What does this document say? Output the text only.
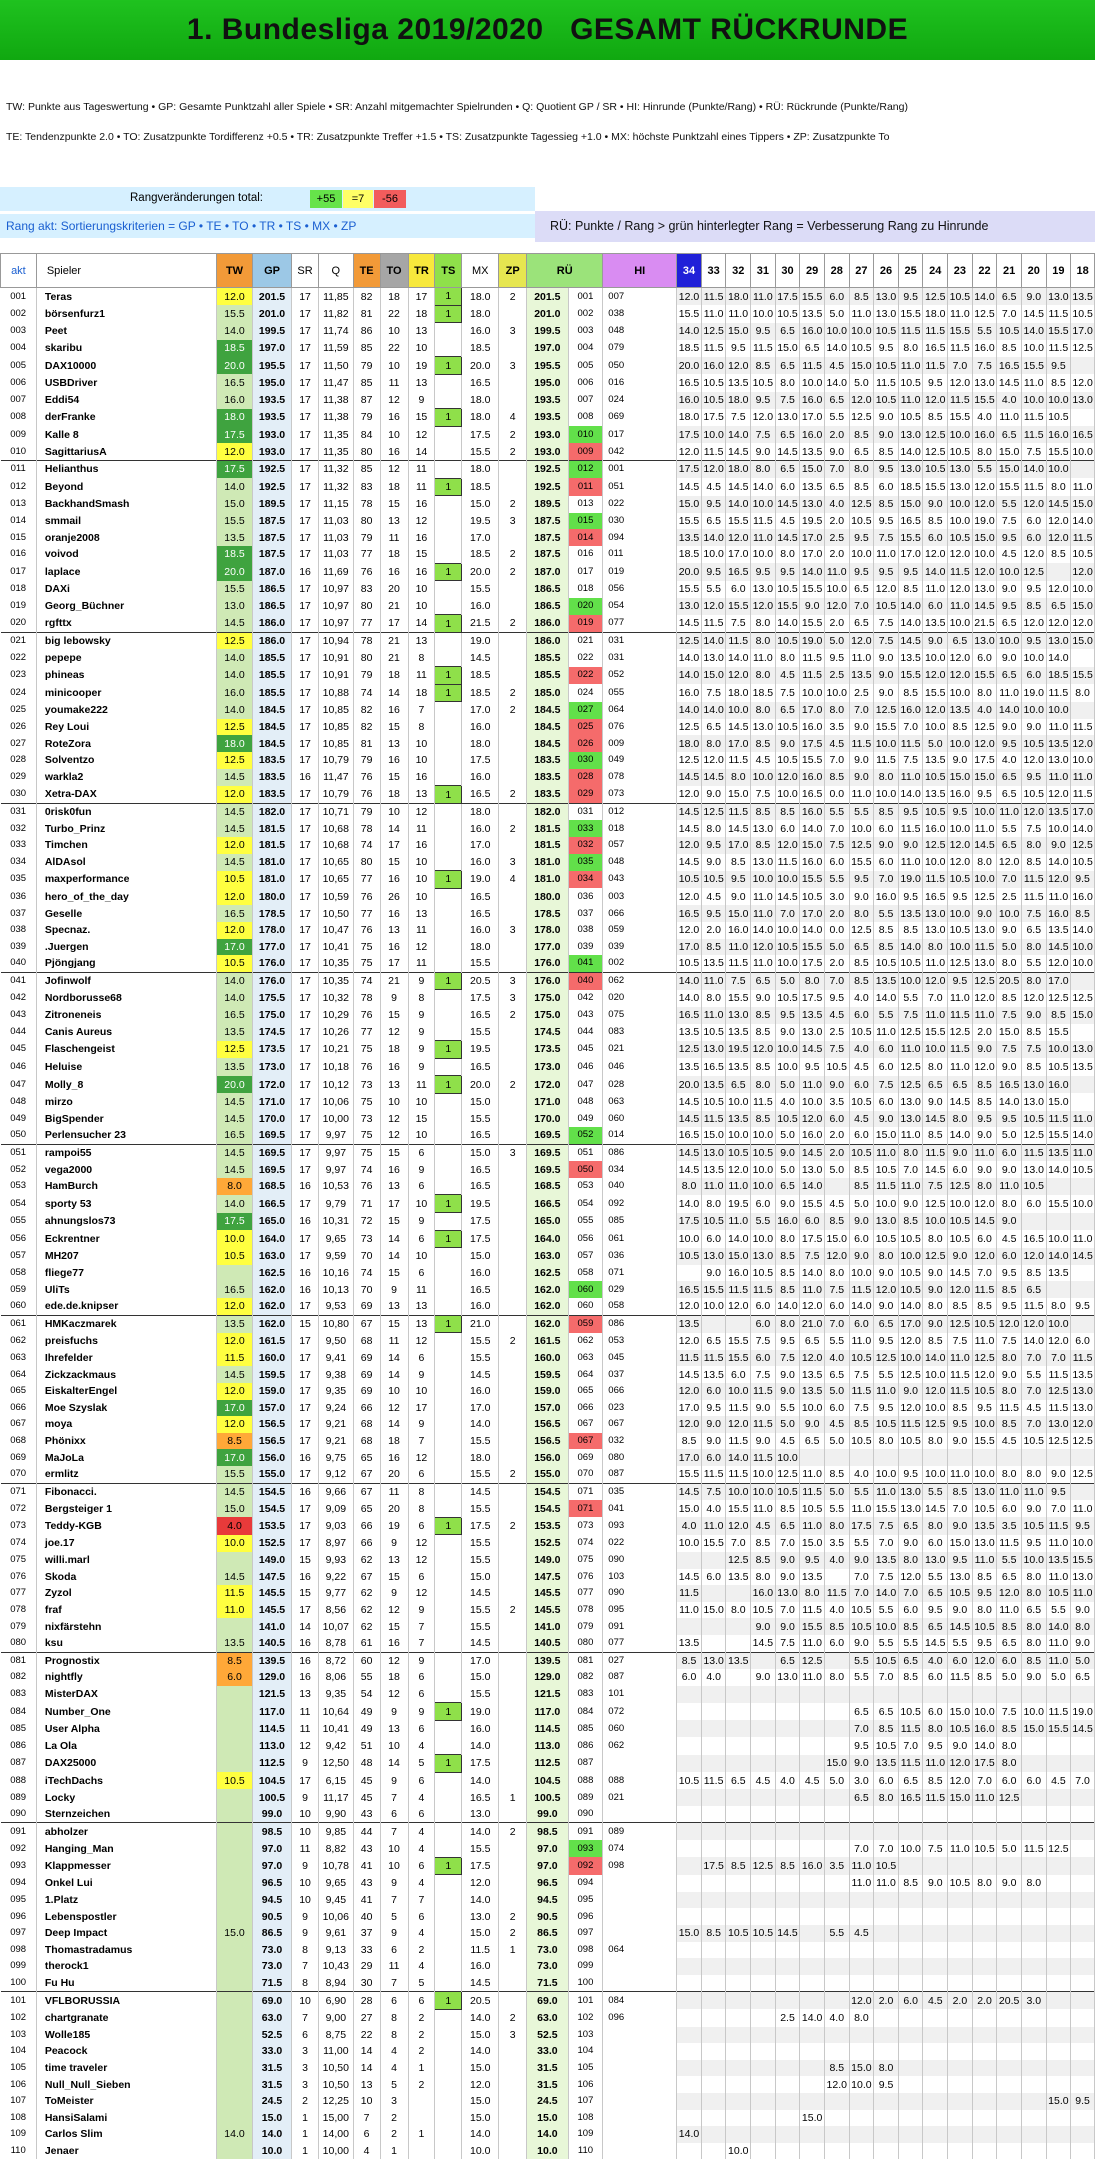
1. Bundesliga 2019/2020   GESAMT RÜCKRUNDE
TW: Punkte aus Tageswertung • GP: Gesamte Punktzahl aller Spiele • SR: Anzahl mitgemachter Spielrunden • Q: Quotient GP / SR • HI: Hinrunde (Punkte/Rang) • RÜ: Rückrunde (Punkte/Rang)
TE: Tendenzpunkte 2.0 • TO: Zusatzpunkte Tordifferenz +0.5 • TR: Zusatzpunkte Treffer +1.5 • TS: Zusatzpunkte Tagessieg +1.0 • MX: höchste Punktzahl eines Tippers • ZP: Zusatzpunkte To
Rangveränderungen total:	+55	=7	-56
Rang akt: Sortierungskriterien = GP • TE • TO • TR • TS • MX • ZP	RÜ: Punkte / Rang > grün hinterlegter Rang = Verbesserung Rang zu Hinrunde
akt	Spieler	TW	GP	SR	Q	TE	TO	TR	TS	MX	ZP	RÜ		HI	34	33	32	31	30	29	28	27	26	25	24	23	22	21	20	19	18
001	Teras	12.0	201.5	17	11,85	82	18	17	1	18.0	2	201.5	001	007	12.0	11.5	18.0	11.0	17.5	15.5	6.0	8.5	13.0	9.5	12.5	10.5	14.0	6.5	9.0	13.0	13.5
002	börsenfurz1	15.5	201.0	17	11,82	81	22	18	1	18.0		201.0	002	038	15.5	11.0	11.0	10.0	10.5	13.5	5.0	11.0	13.0	15.5	18.0	11.0	12.5	7.0	14.5	11.5	10.5
003	Peet	14.0	199.5	17	11,74	86	10	13		16.0	3	199.5	003	048	14.0	12.5	15.0	9.5	6.5	16.0	10.0	10.0	10.5	11.5	11.5	15.5	5.5	10.5	14.0	15.5	17.0
004	skaribu	18.5	197.0	17	11,59	85	22	10		18.5		197.0	004	079	18.5	11.5	9.5	11.5	15.0	6.5	14.0	10.5	9.5	8.0	16.5	11.5	16.0	8.5	10.0	11.5	12.5
005	DAX10000	20.0	195.5	17	11,50	79	10	19	1	20.0	3	195.5	005	050	20.0	16.0	12.0	8.5	6.5	11.5	4.5	15.0	10.5	11.0	11.5	7.0	7.5	16.5	15.5	9.5	
006	USBDriver	16.5	195.0	17	11,47	85	11	13		16.5		195.0	006	016	16.5	10.5	13.5	10.5	8.0	10.0	14.0	5.0	11.5	10.5	9.5	12.0	13.0	14.5	11.0	8.5	12.0
007	Eddi54	16.0	193.5	17	11,38	87	12	9		18.0		193.5	007	024	16.0	10.5	18.0	9.5	7.5	16.0	6.5	12.0	10.5	11.0	12.0	11.5	15.5	4.0	10.0	10.0	13.0
008	derFranke	18.0	193.5	17	11,38	79	16	15	1	18.0	4	193.5	008	069	18.0	17.5	7.5	12.0	13.0	17.0	5.5	12.5	9.0	10.5	8.5	15.5	4.0	11.0	11.5	10.5	
009	Kalle 8	17.5	193.0	17	11,35	84	10	12		17.5	2	193.0	010	017	17.5	10.0	14.0	7.5	6.5	16.0	2.0	8.5	9.0	13.0	12.5	10.0	16.0	6.5	11.5	16.0	16.5
010	SagittariusA	12.0	193.0	17	11,35	80	16	14		15.5	2	193.0	009	042	12.0	11.5	14.5	9.0	14.5	13.5	9.0	6.5	8.5	14.0	12.5	10.5	8.0	15.0	7.5	15.5	10.0
011	Helianthus	17.5	192.5	17	11,32	85	12	11		18.0		192.5	012	001	17.5	12.0	18.0	8.0	6.5	15.0	7.0	8.0	9.5	13.0	10.5	13.0	5.5	15.0	14.0	10.0	
012	Beyond	14.0	192.5	17	11,32	83	18	11	1	18.5		192.5	011	051	14.5	4.5	14.5	14.0	6.0	13.5	6.5	8.5	6.0	18.5	15.5	13.0	12.0	15.5	11.5	8.0	11.0
013	BackhandSmash	15.0	189.5	17	11,15	78	15	16		15.0	2	189.5	013	022	15.0	9.5	14.0	10.0	14.5	13.0	4.0	12.5	8.5	15.0	9.0	10.0	12.0	5.5	12.0	14.5	15.0
014	smmail	15.5	187.5	17	11,03	80	13	12		19.5	3	187.5	015	030	15.5	6.5	15.5	11.5	4.5	19.5	2.0	10.5	9.5	16.5	8.5	10.0	19.0	7.5	6.0	12.0	14.0
015	oranje2008	13.5	187.5	17	11,03	79	11	16		17.0		187.5	014	094	13.5	14.0	12.0	11.0	14.5	17.0	2.5	9.5	7.5	15.5	6.0	10.5	15.0	9.5	6.0	12.0	11.5
016	voivod	18.5	187.5	17	11,03	77	18	15		18.5	2	187.5	016	011	18.5	10.0	17.0	10.0	8.0	17.0	2.0	10.0	11.0	17.0	12.0	12.0	10.0	4.5	12.0	8.5	10.5
017	laplace	20.0	187.0	16	11,69	76	16	16	1	20.0	2	187.0	017	019	20.0	9.5	16.5	9.5	9.5	14.0	11.0	9.5	9.5	9.5	14.0	11.5	12.0	10.0	12.5		12.0
018	DAXi	15.5	186.5	17	10,97	83	20	10		15.5		186.5	018	056	15.5	5.5	6.0	13.0	10.5	15.5	10.0	6.5	12.0	8.5	11.0	12.0	13.0	9.0	9.5	12.0	10.0
019	Georg_Büchner	13.0	186.5	17	10,97	80	21	10		16.0		186.5	020	054	13.0	12.0	15.5	12.0	15.5	9.0	12.0	7.0	10.5	14.0	6.0	11.0	14.5	9.5	8.5	6.5	15.0
020	rgfttx	14.5	186.0	17	10,97	77	17	14	1	21.5	2	186.0	019	077	14.5	11.5	7.5	8.0	14.0	15.5	2.0	6.5	7.5	14.0	13.5	10.0	21.5	6.5	12.0	12.0	12.0
021	big lebowsky	12.5	186.0	17	10,94	78	21	13		19.0		186.0	021	031	12.5	14.0	11.5	8.0	10.5	19.0	5.0	12.0	7.5	14.5	9.0	6.5	13.0	10.0	9.5	13.0	15.0
022	pepepe	14.0	185.5	17	10,91	80	21	8		14.5		185.5	022	031	14.0	13.0	14.0	11.0	8.0	11.5	9.5	11.0	9.0	13.5	10.0	12.0	6.0	9.0	10.0	14.0	
023	phineas	14.0	185.5	17	10,91	79	18	11	1	18.5		185.5	022	052	14.0	15.0	12.0	8.0	4.5	11.5	2.5	13.5	9.0	15.5	12.0	12.0	15.5	6.5	6.0	18.5	15.5
024	minicooper	16.0	185.5	17	10,88	74	14	18	1	18.5	2	185.0	024	055	16.0	7.5	18.0	18.5	7.5	10.0	10.0	2.5	9.0	8.5	15.5	10.0	8.0	11.0	19.0	11.5	8.0
025	youmake222	14.0	184.5	17	10,85	82	16	7		17.0	2	184.5	027	064	14.0	14.0	10.0	8.0	6.5	17.0	8.0	7.0	12.5	16.0	12.0	13.5	4.0	14.0	10.0	10.0	
026	Rey Loui	12.5	184.5	17	10,85	82	15	8		16.0		184.5	025	076	12.5	6.5	14.5	13.0	10.5	16.0	3.5	9.0	15.5	7.0	10.0	8.5	12.5	9.0	9.0	11.0	11.5
027	RoteZora	18.0	184.5	17	10,85	81	13	10		18.0		184.5	026	009	18.0	8.0	17.0	8.5	9.0	17.5	4.5	11.5	10.0	11.5	5.0	10.0	12.0	9.5	10.5	13.5	12.0
028	Solventzo	12.5	183.5	17	10,79	79	16	10		17.5		183.5	030	049	12.5	12.0	11.5	4.5	10.5	15.5	7.0	9.0	11.5	7.5	13.5	9.0	17.5	4.0	12.0	13.0	10.0
029	warkla2	14.5	183.5	16	11,47	76	15	16		16.0		183.5	028	078	14.5	14.5	8.0	10.0	12.0	16.0	8.5	9.0	8.0	11.0	10.5	15.0	15.0	6.5	9.5	11.0	11.0
030	Xetra-DAX	12.0	183.5	17	10,79	76	18	13	1	16.5	2	183.5	029	073	12.0	9.0	15.0	7.5	10.0	16.5	0.0	11.0	10.0	14.0	13.5	16.0	9.5	6.5	10.5	12.0	11.5
031	0risk0fun	14.5	182.0	17	10,71	79	10	12		18.0		182.0	031	012	14.5	12.5	11.5	8.5	8.5	16.0	5.5	5.5	8.5	9.5	10.5	9.5	10.0	11.0	12.0	13.5	17.0
032	Turbo_Prinz	14.5	181.5	17	10,68	78	14	11		16.0	2	181.5	033	018	14.5	8.0	14.5	13.0	6.0	14.0	7.0	10.0	6.0	11.5	16.0	10.0	11.0	5.5	7.5	10.0	14.0
033	Timchen	12.0	181.5	17	10,68	74	17	16		17.0		181.5	032	057	12.0	9.5	17.0	8.5	12.0	15.0	7.5	12.5	9.0	9.0	12.5	12.0	14.5	6.5	8.0	9.0	12.5
034	AlDAsol	14.5	181.0	17	10,65	80	15	10		16.0	3	181.0	035	048	14.5	9.0	8.5	13.0	11.5	16.0	6.0	15.5	6.0	11.0	10.0	12.0	8.0	12.0	8.5	14.0	10.5
035	maxperformance	10.5	181.0	17	10,65	77	16	10	1	19.0	4	181.0	034	043	10.5	10.5	9.5	10.0	10.0	15.5	5.5	9.5	7.0	19.0	11.5	10.5	10.0	7.0	11.5	12.0	9.5
036	hero_of_the_day	12.0	180.0	17	10,59	76	26	10		16.5		180.0	036	003	12.0	4.5	9.0	11.0	14.5	10.5	3.0	9.0	16.0	9.5	16.5	9.5	12.5	2.5	11.5	11.0	16.0
037	Geselle	16.5	178.5	17	10,50	77	16	13		16.5		178.5	037	066	16.5	9.5	15.0	11.0	7.0	17.0	2.0	8.0	5.5	13.5	13.0	10.0	9.0	10.0	7.5	16.0	8.5
038	Specnaz.	12.0	178.0	17	10,47	76	13	11		16.0	3	178.0	038	059	12.0	2.0	16.0	14.0	10.0	14.0	0.0	12.5	8.5	8.5	13.0	10.5	13.0	9.0	6.5	13.5	14.0
039	.Juergen	17.0	177.0	17	10,41	75	16	12		18.0		177.0	039	039	17.0	8.5	11.0	12.0	10.5	15.5	5.0	6.5	8.5	14.0	8.0	10.0	11.5	5.0	8.0	14.5	10.0
040	Pjöngjang	10.5	176.0	17	10,35	75	17	11		15.5		176.0	041	002	10.5	13.5	11.5	11.0	10.0	17.5	2.0	8.5	10.5	10.5	11.0	12.5	13.0	8.0	5.5	12.0	10.0
041	Jofinwolf	14.0	176.0	17	10,35	74	21	9	1	20.5	3	176.0	040	062	14.0	11.0	7.5	6.5	5.0	8.0	7.0	8.5	13.5	10.0	12.0	9.5	12.5	20.5	8.0	17.0	
042	Nordborusse68	14.0	175.5	17	10,32	78	9	8		17.5	3	175.0	042	020	14.0	8.0	15.5	9.0	10.5	17.5	9.5	4.0	14.0	5.5	7.0	11.0	12.0	8.5	12.0	12.5	12.5
043	Zitroneneis	16.5	175.0	17	10,29	76	15	9		16.5	2	175.0	043	075	16.5	11.0	13.0	8.5	9.5	13.5	4.5	6.0	5.5	7.5	11.0	11.5	11.0	7.5	9.0	8.5	15.0
044	Canis Aureus	13.5	174.5	17	10,26	77	12	9		15.5		174.5	044	083	13.5	10.5	13.5	8.5	9.0	13.0	2.5	10.5	11.0	12.5	15.5	12.5	2.0	15.0	8.5	15.5	
045	Flaschengeist	12.5	173.5	17	10,21	75	18	9	1	19.5		173.5	045	021	12.5	13.0	19.5	12.0	10.0	14.5	7.5	4.0	6.0	11.0	10.0	11.5	9.0	7.5	7.5	10.0	13.0
046	Heluise	13.5	173.0	17	10,18	76	16	9		16.5		173.0	046	046	13.5	16.5	13.5	8.5	10.0	9.5	10.5	4.5	6.0	12.5	8.0	11.0	12.0	9.0	8.5	10.5	13.5
047	Molly_8	20.0	172.0	17	10,12	73	13	11	1	20.0	2	172.0	047	028	20.0	13.5	6.5	8.0	5.0	11.0	9.0	6.0	7.5	12.5	6.5	6.5	8.5	16.5	13.0	16.0	
048	mirzo	14.5	171.0	17	10,06	75	10	10		15.0		171.0	048	063	14.5	10.5	10.0	11.5	4.0	10.0	3.5	10.5	6.0	13.0	9.0	14.5	8.5	14.0	13.0	15.0	
049	BigSpender	14.5	170.0	17	10,00	73	12	15		15.5		170.0	049	060	14.5	11.5	13.5	8.5	10.5	12.0	6.0	4.5	9.0	13.0	14.5	8.0	9.5	9.5	10.5	11.5	11.0
050	Perlensucher 23	16.5	169.5	17	9,97	75	12	10		16.5		169.5	052	014	16.5	15.0	10.0	10.0	5.0	16.0	2.0	6.0	15.0	11.0	8.5	14.0	9.0	5.0	12.5	15.5	14.0
051	rampoi55	14.5	169.5	17	9,97	75	15	6		15.0	3	169.5	051	086	14.5	13.0	10.5	10.5	9.0	14.5	2.0	10.5	11.0	8.0	11.5	9.0	11.0	6.0	11.5	13.5	11.0
052	vega2000	14.5	169.5	17	9,97	74	16	9		16.5		169.5	050	034	14.5	13.5	12.0	10.0	5.0	13.0	5.0	8.5	10.5	7.0	14.5	6.0	9.0	9.0	13.0	14.0	10.5
053	HamBurch	8.0	168.5	16	10,53	76	13	6		16.5		168.5	053	040	8.0	11.0	11.0	10.0	6.5	14.0		8.5	11.5	11.0	7.5	12.5	8.0	11.0	10.5		
054	sporty 53	14.0	166.5	17	9,79	71	17	10	1	19.5		166.5	054	092	14.0	8.0	19.5	6.0	9.0	15.5	4.5	5.0	10.0	9.0	12.5	10.0	12.0	8.0	6.0	15.5	10.0
055	ahnungslos73	17.5	165.0	16	10,31	72	15	9		17.5		165.0	055	085	17.5	10.5	11.0	5.5	16.0	6.0	8.5	9.0	13.0	8.5	10.0	10.5	14.5	9.0			
056	Eckrentner	10.0	164.0	17	9,65	73	14	6	1	17.5		164.0	056	061	10.0	6.0	14.0	10.0	8.0	17.5	15.0	6.0	10.5	10.5	8.0	10.5	6.0	4.5	16.5	10.0	11.0
057	MH207	10.5	163.0	17	9,59	70	14	10		15.0		163.0	057	036	10.5	13.0	15.0	13.0	8.5	7.5	12.0	9.0	8.0	10.0	12.5	9.0	12.0	6.0	12.0	14.0	14.5
058	fliege77		162.5	16	10,16	74	15	6		16.0		162.5	058	071		9.0	16.0	10.5	8.5	14.0	8.0	10.0	9.0	10.5	9.0	14.5	7.0	9.5	8.5	13.5	
059	UliTs	16.5	162.0	16	10,13	70	9	11		16.5		162.0	060	029	16.5	15.5	11.5	11.5	8.5	11.0	7.5	11.5	12.0	10.5	9.0	12.0	11.5	8.5	6.5		
060	ede.de.knipser	12.0	162.0	17	9,53	69	13	13		16.0		162.0	060	058	12.0	10.0	12.0	6.0	14.0	12.0	6.0	14.0	9.0	14.0	8.0	8.5	8.5	9.5	11.5	8.0	9.5
061	HMKaczmarek	13.5	162.0	15	10,80	67	15	13	1	21.0		162.0	059	086	13.5			6.0	8.0	21.0	7.0	6.0	6.5	17.0	9.0	12.5	10.5	12.0	12.0	10.0	
062	preisfuchs	12.0	161.5	17	9,50	68	11	12		15.5	2	161.5	062	053	12.0	6.5	15.5	7.5	9.5	6.5	5.5	11.0	9.5	12.0	8.5	7.5	11.0	7.5	14.0	12.0	6.0
063	Ihrefelder	11.5	160.0	17	9,41	69	14	6		15.5		160.0	063	045	11.5	11.5	15.5	6.0	7.5	12.0	4.0	10.5	12.5	10.0	14.0	11.0	12.5	8.0	7.0	7.0	11.5
064	Zickzackmaus	14.5	159.5	17	9,38	69	14	9		14.5		159.5	064	037	14.5	13.5	6.0	7.5	9.0	13.5	6.5	7.5	5.5	12.5	10.0	11.5	12.0	9.0	5.5	11.5	13.5
065	EiskalterEngel	12.0	159.0	17	9,35	69	10	10		16.0		159.0	065	066	12.0	6.0	10.0	11.5	9.0	13.5	5.0	11.5	11.0	9.0	12.0	11.5	10.5	8.0	7.0	12.5	13.0
066	Moe Szyslak	17.0	157.0	17	9,24	66	12	17		17.0		157.0	066	023	17.0	9.5	11.5	9.0	5.5	10.0	6.0	7.5	9.5	12.0	10.0	8.5	9.5	11.5	4.5	11.5	13.0
067	moya	12.0	156.5	17	9,21	68	14	9		14.0		156.5	067	067	12.0	9.0	12.0	11.5	5.0	9.0	4.5	8.5	10.5	11.5	12.5	9.5	10.0	8.5	7.0	13.0	12.0
068	Phönixx	8.5	156.5	17	9,21	68	18	7		15.5		156.5	067	032	8.5	9.0	11.5	9.0	4.5	6.5	5.0	10.5	8.0	10.5	8.0	9.0	15.5	4.5	10.5	12.5	12.5
069	MaJoLa	17.0	156.0	16	9,75	65	16	12		18.0		156.0	069	080	17.0	6.0	14.0	11.5	10.0												
070	ermlitz	15.5	155.0	17	9,12	67	20	6		15.5	2	155.0	070	087	15.5	11.5	11.5	10.0	12.5	11.0	8.5	4.0	10.0	9.5	10.0	11.0	10.0	8.0	8.0	9.0	12.5
071	Fibonacci.	14.5	154.5	16	9,66	67	11	8		14.5		154.5	071	035	14.5	7.5	10.0	10.0	10.5	11.5	5.0	5.5	11.0	13.0	5.5	8.5	13.0	11.0	11.0	9.5	
072	Bergsteiger 1	15.0	154.5	17	9,09	65	20	8		15.5		154.5	071	041	15.0	4.0	15.5	11.0	8.5	10.5	5.5	11.0	15.5	13.0	14.5	7.0	10.5	6.0	9.0	7.0	11.0
073	Teddy-KGB	4.0	153.5	17	9,03	66	19	6	1	17.5	2	153.5	073	093	4.0	11.0	12.0	4.5	6.5	11.0	8.0	17.5	7.5	6.5	8.0	9.0	13.5	3.5	10.5	11.5	9.5
074	joe.17	10.0	152.5	17	8,97	66	9	12		15.5		152.5	074	022	10.0	15.5	7.0	8.5	7.0	15.0	3.5	5.5	7.0	9.0	6.0	15.0	13.0	11.5	9.5	11.0	10.0
075	willi.marl		149.0	15	9,93	62	13	12		15.5		149.0	075	090			12.5	8.5	9.0	9.5	4.0	9.0	13.5	8.0	13.0	9.5	11.0	5.5	10.0	13.5	15.5
076	Skoda	14.5	147.5	16	9,22	67	15	6		15.0		147.5	076	103	14.5	6.0	13.5	8.0	9.0	13.5		7.0	7.5	12.0	5.5	13.0	8.5	6.5	8.0	11.0	13.0
077	Zyzol	11.5	145.5	15	9,77	62	9	12		14.5		145.5	077	090	11.5			16.0	13.0	8.0	11.5	7.0	14.0	7.0	6.5	10.5	9.5	12.0	8.0	10.5	11.0
078	fraf	11.0	145.5	17	8,56	62	12	9		15.5	2	145.5	078	095	11.0	15.0	8.0	10.5	7.0	11.5	4.0	10.5	5.5	6.0	9.5	9.0	8.0	11.0	6.5	5.5	9.0
079	nixfärstehn		141.0	14	10,07	62	15	7		15.5		141.0	079	091				9.0	9.0	15.5	8.5	10.5	10.0	8.5	6.5	14.5	10.5	8.5	8.0	14.0	8.0
080	ksu	13.5	140.5	16	8,78	61	16	7		14.5		140.5	080	077	13.5			14.5	7.5	11.0	6.0	9.0	5.5	5.5	14.5	5.5	9.5	6.5	8.0	11.0	9.0
081	Prognostix	8.5	139.5	16	8,72	60	12	9		17.0		139.5	081	027	8.5	13.0	13.5		6.5	12.5		5.5	10.5	6.5	4.0	6.0	12.0	6.0	8.5	11.0	5.0
082	nightfly	6.0	129.0	16	8,06	55	18	6		15.0		129.0	082	087	6.0	4.0		9.0	13.0	11.0	8.0	5.5	7.0	8.5	6.0	11.5	8.5	5.0	9.0	5.0	6.5
083	MisterDAX		121.5	13	9,35	54	12	6		15.5		121.5	083	101																	
084	Number_One		117.0	11	10,64	49	9	9	1	19.0		117.0	084	072								6.5	6.5	10.5	6.0	15.0	10.0	7.5	10.0	11.5	19.0
085	User Alpha		114.5	11	10,41	49	13	6		16.0		114.5	085	060								7.0	8.5	11.5	8.0	10.5	16.0	8.5	15.0	15.5	14.5
086	La Ola		113.0	12	9,42	51	10	4		14.0		113.0	086	062								9.5	10.5	7.0	9.5	9.0	14.0	8.0			
087	DAX25000		112.5	9	12,50	48	14	5	1	17.5		112.5	087								15.0	9.0	13.5	11.5	11.0	12.0	17.5	8.0			
088	iTechDachs	10.5	104.5	17	6,15	45	9	6		14.0		104.5	088	088	10.5	11.5	6.5	4.5	4.0	4.5	5.0	3.0	6.0	6.5	8.5	12.0	7.0	6.0	6.0	4.5	7.0
089	Locky		100.5	9	11,17	45	7	4		16.5	1	100.5	089	021								6.5	8.0	16.5	11.5	15.0	11.0	12.5			
090	Sternzeichen		99.0	10	9,90	43	6	6		13.0		99.0	090																		
091	abholzer		98.5	10	9,85	44	7	4		14.0	2	98.5	091	089																	
092	Hanging_Man		97.0	11	8,82	43	10	4		15.5		97.0	093	074								7.0	7.0	10.0	7.5	11.0	10.5	5.0	11.5	12.5	
093	Klappmesser		97.0	9	10,78	41	10	6	1	17.5		97.0	092	098		17.5	8.5	12.5	8.5	16.0	3.5	11.0	10.5								
094	Onkel Lui		96.5	10	9,65	43	9	4		12.0		96.5	094									11.0	11.0	8.5	9.0	10.5	8.0	9.0	8.0		
095	1.Platz		94.5	10	9,45	41	7	7		14.0		94.5	095																		
096	Lebenspostler		90.5	9	10,06	40	5	6		13.0	2	90.5	096																		
097	Deep Impact	15.0	86.5	9	9,61	37	9	4		15.0	2	86.5	097		15.0	8.5	10.5	10.5	14.5		5.5	4.5									
098	Thomastradamus		73.0	8	9,13	33	6	2		11.5	1	73.0	098	064																	
099	therock1		73.0	7	10,43	29	11	4		16.0		73.0	099																		
100	Fu Hu		71.5	8	8,94	30	7	5		14.5		71.5	100																		
101	VFLBORUSSIA		69.0	10	6,90	28	6	6	1	20.5		69.0	101	084								12.0	2.0	6.0	4.5	2.0	2.0	20.5	3.0		
102	chartgranate		63.0	7	9,00	27	8	2		14.0	2	63.0	102	096					2.5	14.0	4.0	8.0									
103	Wolle185		52.5	6	8,75	22	8	2		15.0	3	52.5	103																		
104	Peacock		33.0	3	11,00	14	4	2		14.0		33.0	104																		
105	time traveler		31.5	3	10,50	14	4	1		15.0		31.5	105								8.5	15.0	8.0								
106	Null_Null_Sieben		31.5	3	10,50	13	5	2		12.0		31.5	106								12.0	10.0	9.5								
107	ToMeister		24.5	2	12,25	10	3			15.0		24.5	107																	15.0	9.5
108	HansiSalami		15.0	1	15,00	7	2			15.0		15.0	108							15.0											
109	Carlos Slim	14.0	14.0	1	14,00	6	2	1		14.0		14.0	109		14.0																
110	Jenaer		10.0	1	10,00	4	1			10.0		10.0	110				10.0														
